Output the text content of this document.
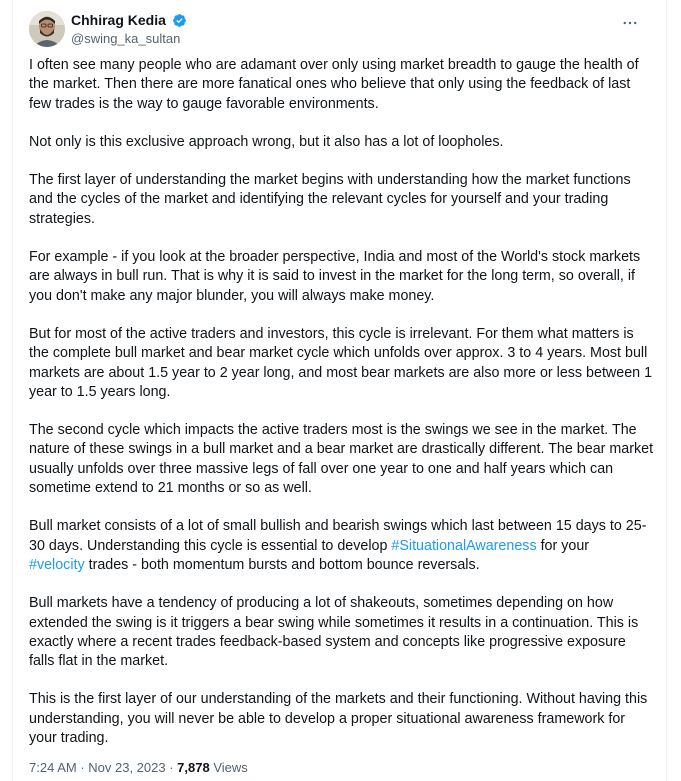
Chhirag Kedia
@swing_ka_sultan

I often see many people who are adamant over only using market breadth to gauge the health of
the market. Then there are more fanatical ones who believe that only using the feedback of last
few trades is the way to gauge favorable environments.

Not only is this exclusive approach wrong, but it also has a lot of loopholes.

The first layer of understanding the market begins with understanding how the market functions
and the cycles of the market and identifying the relevant cycles for yourself and your trading
strategies.

For example - if you look at the broader perspective, India and most of the World's stock markets
are always in bull run. That is why it is said to invest in the market for the long term, so overall, if
you don't make any major blunder, you will always make money.

But for most of the active traders and investors, this cycle is irrelevant. For them what matters is
the complete bull market and bear market cycle which unfolds over approx. 3 to 4 years. Most bull
markets are about 1.5 year to 2 year long, and most bear markets are also more or less between 1
year to 1.5 years long.

The second cycle which impacts the active traders most is the swings we see in the market. The
nature of these swings in a bull market and a bear market are drastically different. The bear market
usually unfolds over three massive legs of fall over one year to one and half years which can
sometime extend to 21 months or so as well.

Bull market consists of a lot of small bullish and bearish swings which last between 15 days to 25-
30 days. Understanding this cycle is essential to develop #SituationalAwareness for your
#velocity trades - both momentum bursts and bottom bounce reversals.

Bull markets have a tendency of producing a lot of shakeouts, sometimes depending on how
extended the swing is it triggers a bear swing while sometimes it results in a continuation. This is
exactly where a recent trades feedback-based system and concepts like progressive exposure
falls flat in the market.

This is the first layer of our understanding of the markets and their functioning. Without having this
understanding, you will never be able to develop a proper situational awareness framework for
your trading.

7:24 AM · Nov 23, 2023 · 7,878 Views
